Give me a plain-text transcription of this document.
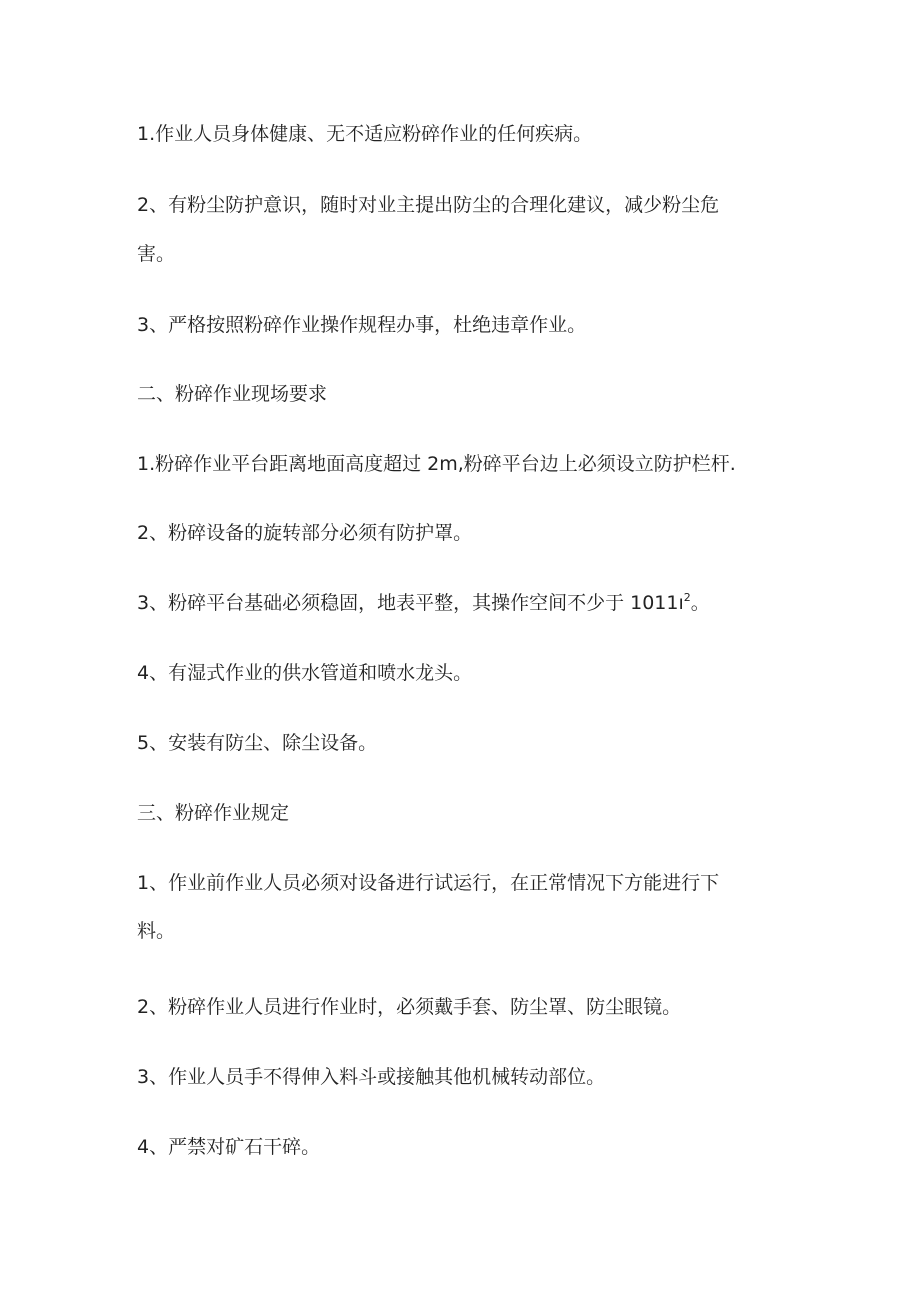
1.作业人员身体健康、无不适应粉碎作业的任何疾病。
2、有粉尘防护意识，随时对业主提出防尘的合理化建议，减少粉尘危
害。
3、严格按照粉碎作业操作规程办事，杜绝违章作业。
二、粉碎作业现场要求
1.粉碎作业平台距离地面高度超过 2m,粉碎平台边上必须设立防护栏杆.
2、粉碎设备的旋转部分必须有防护罩。
3、粉碎平台基础必须稳固，地表平整，其操作空间不少于 $1011ı^2$。
4、有湿式作业的供水管道和喷水龙头。
5、安装有防尘、除尘设备。
三、粉碎作业规定
1、作业前作业人员必须对设备进行试运行，在正常情况下方能进行下
料。
2、粉碎作业人员进行作业时，必须戴手套、防尘罩、防尘眼镜。
3、作业人员手不得伸入料斗或接触其他机械转动部位。
4、严禁对矿石干碎。
